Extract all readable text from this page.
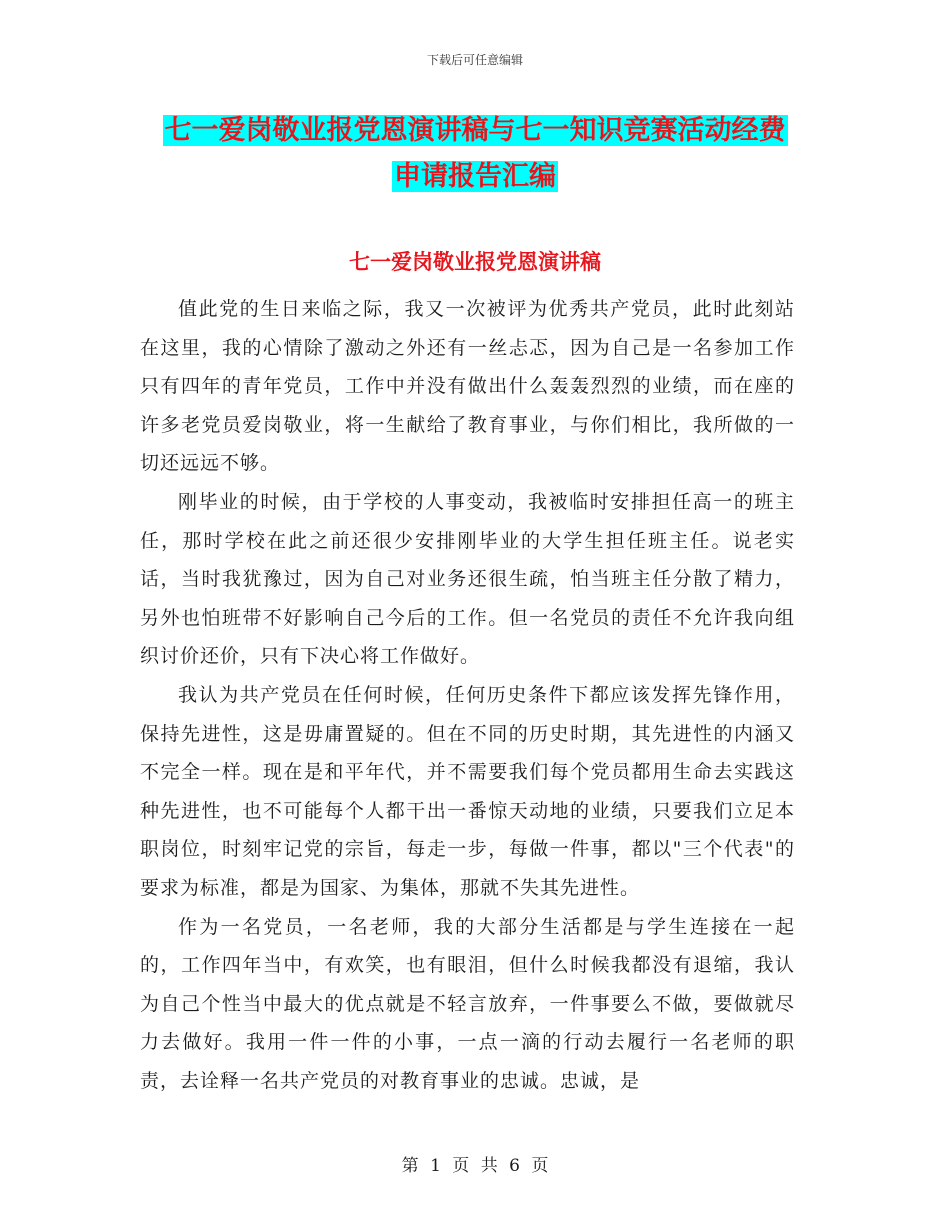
下载后可任意编辑
七一爱岗敬业报党恩演讲稿与七一知识竞赛活动经费
申请报告汇编
七一爱岗敬业报党恩演讲稿

值此党的生日来临之际，我又一次被评为优秀共产党员，此时此刻站在这里，我的心情除了激动之外还有一丝忐忑，因为自己是一名参加工作只有四年的青年党员，工作中并没有做出什么轰轰烈烈的业绩，而在座的许多老党员爱岗敬业，将一生献给了教育事业，与你们相比，我所做的一切还远远不够。

刚毕业的时候，由于学校的人事变动，我被临时安排担任高一的班主任，那时学校在此之前还很少安排刚毕业的大学生担任班主任。说老实话，当时我犹豫过，因为自己对业务还很生疏，怕当班主任分散了精力，另外也怕班带不好影响自己今后的工作。但一名党员的责任不允许我向组织讨价还价，只有下决心将工作做好。

我认为共产党员在任何时候，任何历史条件下都应该发挥先锋作用，保持先进性，这是毋庸置疑的。但在不同的历史时期，其先进性的内涵又不完全一样。现在是和平年代，并不需要我们每个党员都用生命去实践这种先进性，也不可能每个人都干出一番惊天动地的业绩，只要我们立足本职岗位，时刻牢记党的宗旨，每走一步，每做一件事，都以"三个代表"的要求为标准，都是为国家、为集体，那就不失其先进性。

作为一名党员，一名老师，我的大部分生活都是与学生连接在一起的，工作四年当中，有欢笑，也有眼泪，但什么时候我都没有退缩，我认为自己个性当中最大的优点就是不轻言放弃，一件事要么不做，要做就尽力去做好。我用一件一件的小事，一点一滴的行动去履行一名老师的职责，去诠释一名共产党员的对教育事业的忠诚。忠诚，是

第 1 页 共 6 页
